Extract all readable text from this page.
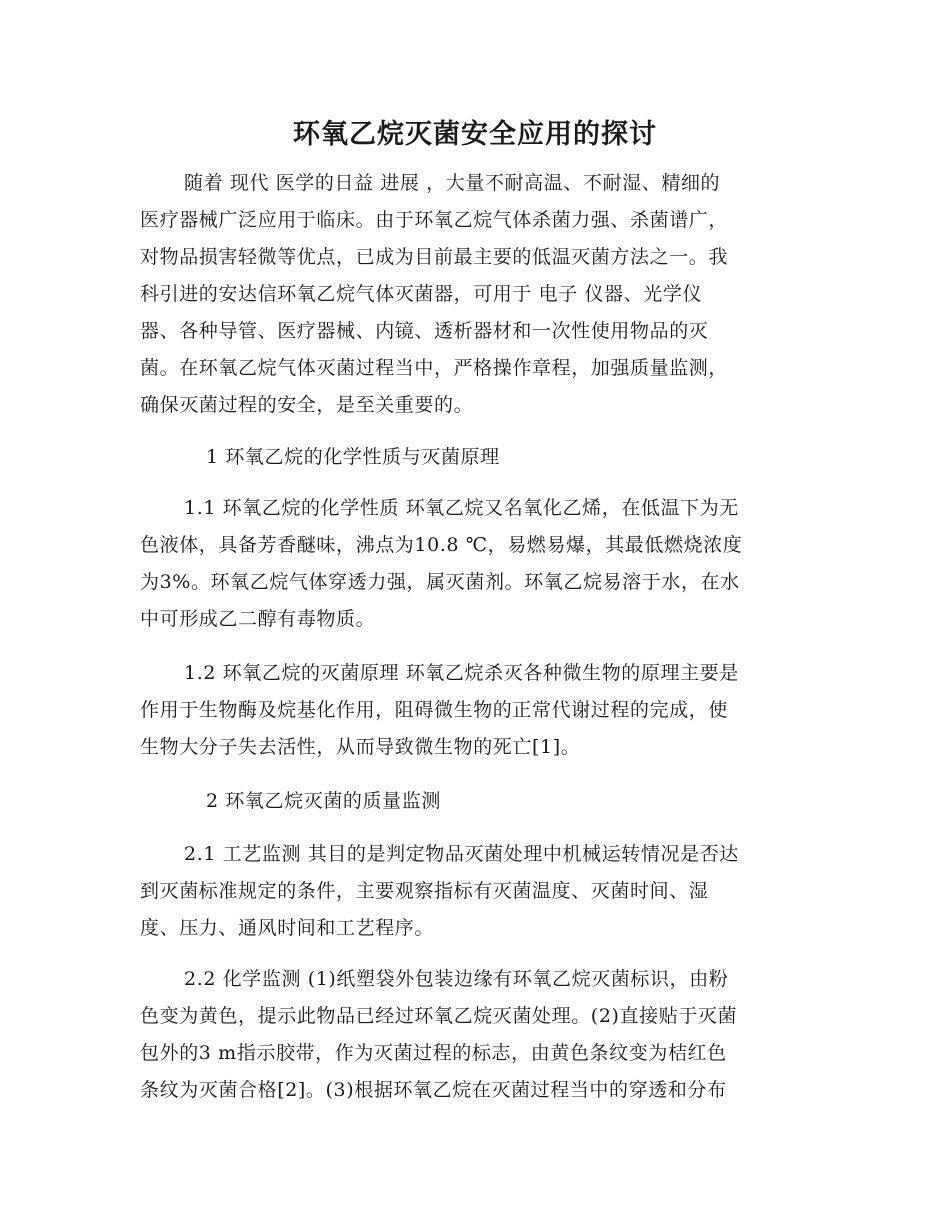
环氧乙烷灭菌安全应用的探讨
随着 现代 医学的日益 进展 ，大量不耐高温、不耐湿、精细的
医疗器械广泛应用于临床。由于环氧乙烷气体杀菌力强、杀菌谱广，
对物品损害轻微等优点，已成为目前最主要的低温灭菌方法之一。我
科引进的安达信环氧乙烷气体灭菌器，可用于 电子 仪器、光学仪
器、各种导管、医疗器械、内镜、透析器材和一次性使用物品的灭
菌。在环氧乙烷气体灭菌过程当中，严格操作章程，加强质量监测，
确保灭菌过程的安全，是至关重要的。
1 环氧乙烷的化学性质与灭菌原理
1.1 环氧乙烷的化学性质 环氧乙烷又名氧化乙烯，在低温下为无
色液体，具备芳香醚味，沸点为10.8 ℃，易燃易爆，其最低燃烧浓度
为3%。环氧乙烷气体穿透力强，属灭菌剂。环氧乙烷易溶于水，在水
中可形成乙二醇有毒物质。
1.2 环氧乙烷的灭菌原理 环氧乙烷杀灭各种微生物的原理主要是
作用于生物酶及烷基化作用，阻碍微生物的正常代谢过程的完成，使
生物大分子失去活性，从而导致微生物的死亡[1]。
2 环氧乙烷灭菌的质量监测
2.1 工艺监测 其目的是判定物品灭菌处理中机械运转情况是否达
到灭菌标准规定的条件，主要观察指标有灭菌温度、灭菌时间、湿
度、压力、通风时间和工艺程序。
2.2 化学监测 (1)纸塑袋外包装边缘有环氧乙烷灭菌标识，由粉
色变为黄色，提示此物品已经过环氧乙烷灭菌处理。(2)直接贴于灭菌
包外的3 m指示胶带，作为灭菌过程的标志，由黄色条纹变为桔红色
条纹为灭菌合格[2]。(3)根据环氧乙烷在灭菌过程当中的穿透和分布
